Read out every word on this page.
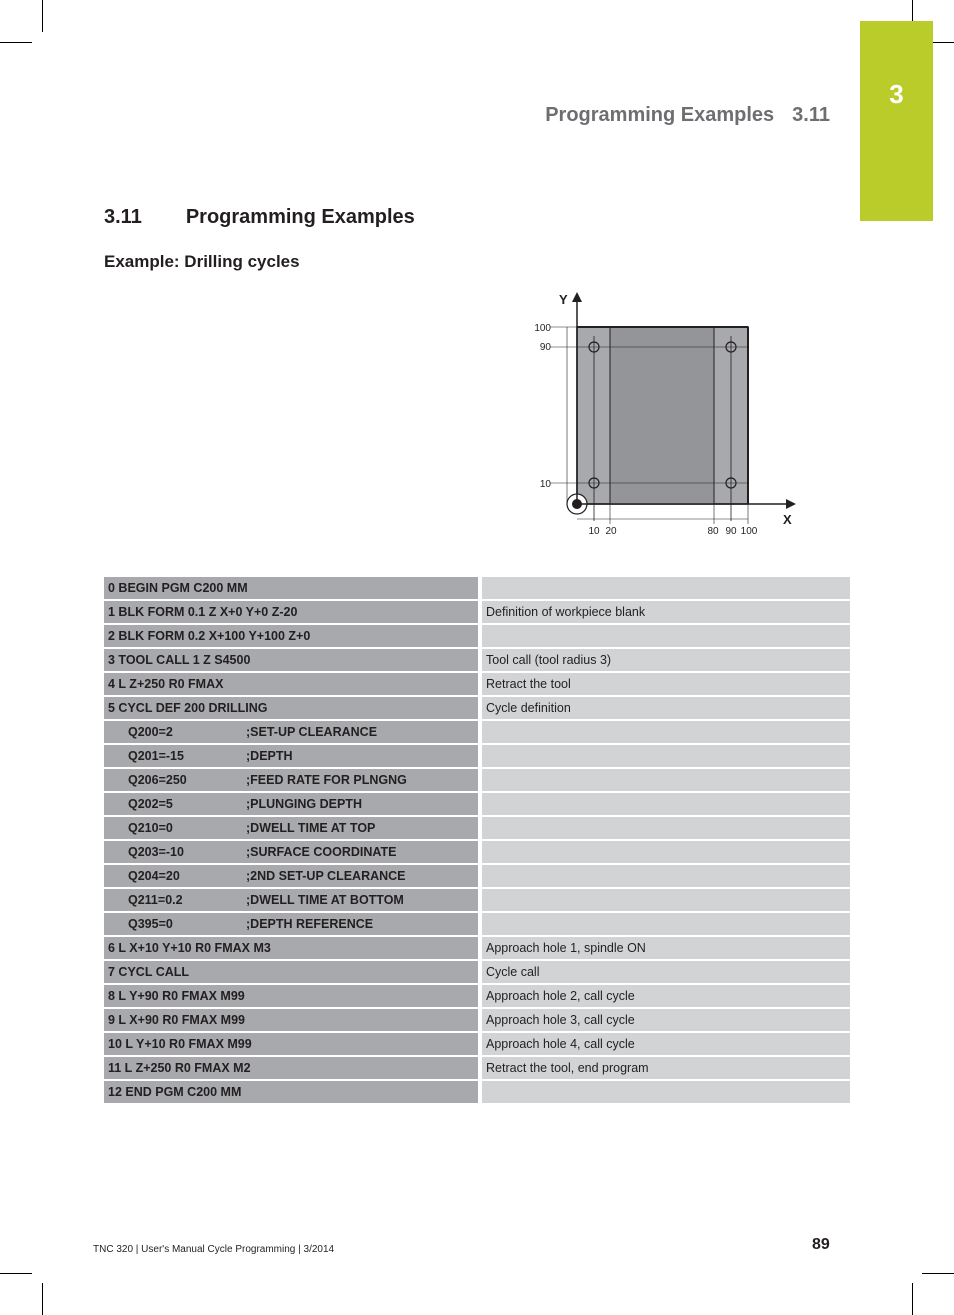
3
Programming Examples 3.11
3.11 Programming Examples
Example: Drilling cycles
X
Y
100
90
10
10 20	80 90 100
0 BEGIN PGM C200 MM	
1 BLK FORM 0.1 Z X+0 Y+0 Z-20	Definition of workpiece blank
2 BLK FORM 0.2 X+100 Y+100 Z+0	
3 TOOL CALL 1 Z S4500	Tool call (tool radius 3)
4 L Z+250 R0 FMAX	Retract the tool
5 CYCL DEF 200 DRILLING	Cycle definition
Q200=2 ;SET-UP CLEARANCE	
Q201=-15 ;DEPTH	
Q206=250 ;FEED RATE FOR PLNGNG	
Q202=5 ;PLUNGING DEPTH	
Q210=0 ;DWELL TIME AT TOP	
Q203=-10 ;SURFACE COORDINATE	
Q204=20 ;2ND SET-UP CLEARANCE	
Q211=0.2 ;DWELL TIME AT BOTTOM	
Q395=0 ;DEPTH REFERENCE	
6 L X+10 Y+10 R0 FMAX M3	Approach hole 1, spindle ON
7 CYCL CALL	Cycle call
8 L Y+90 R0 FMAX M99	Approach hole 2, call cycle
9 L X+90 R0 FMAX M99	Approach hole 3, call cycle
10 L Y+10 R0 FMAX M99	Approach hole 4, call cycle
11 L Z+250 R0 FMAX M2	Retract the tool, end program
12 END PGM C200 MM	
TNC 320 | User's Manual Cycle Programming | 3/2014	89
